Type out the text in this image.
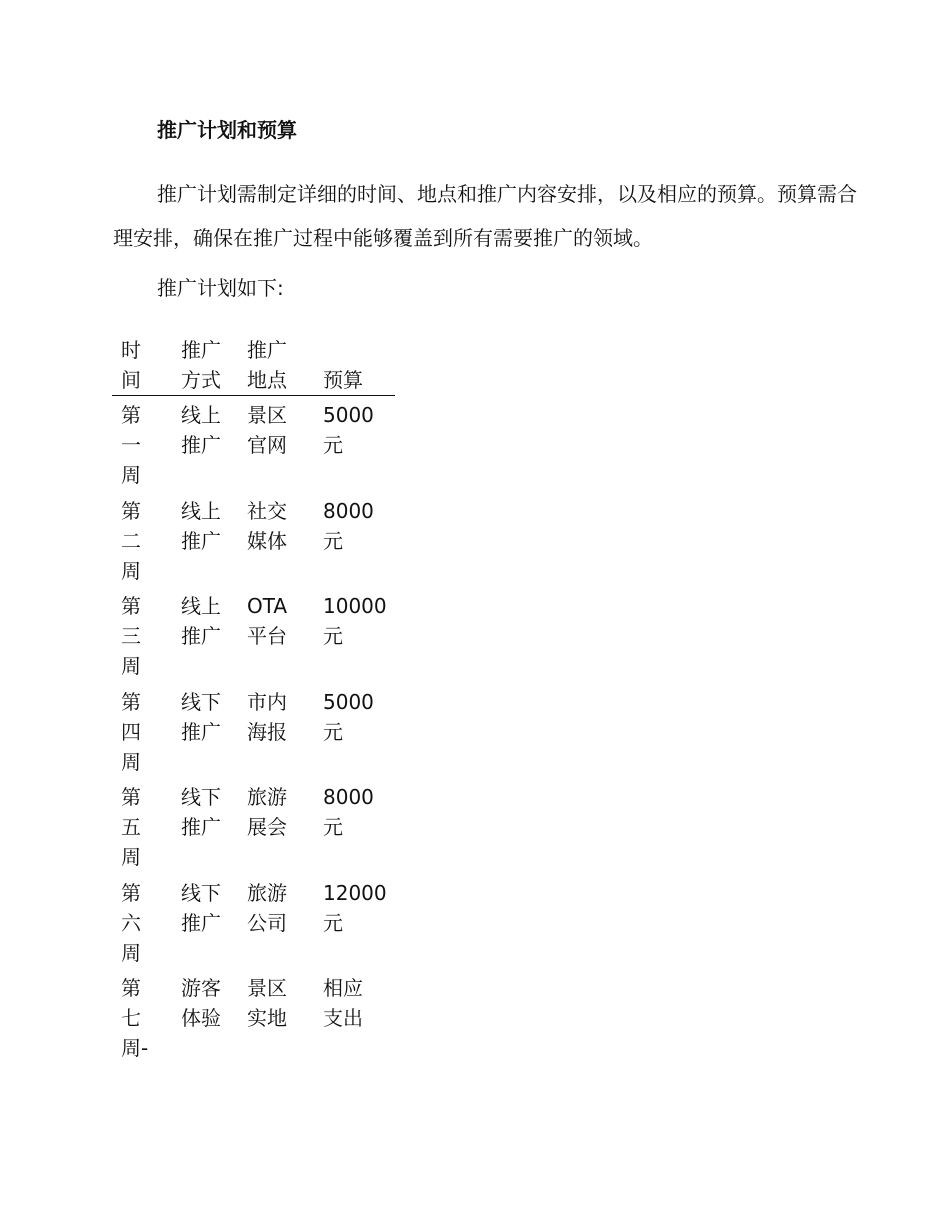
推广计划和预算

推广计划需制定详细的时间、地点和推广内容安排，以及相应的预算。预算需合理安排，确保在推广过程中能够覆盖到所有需要推广的领域。

推广计划如下:
时间
推广方式
推广地点	预算
第一周
线上推广
景区官网
5000
元
第二周
线上推广
社交媒体
8000
元
第三周
线上推广
OTA平台
10000
元
第四周
线下推广
市内海报
5000
元
第五周
线下推广
旅游展会
8000
元
第六周
线下推广
旅游公司
12000
元
第七周-
游客体验
景区实地
相应
支出
